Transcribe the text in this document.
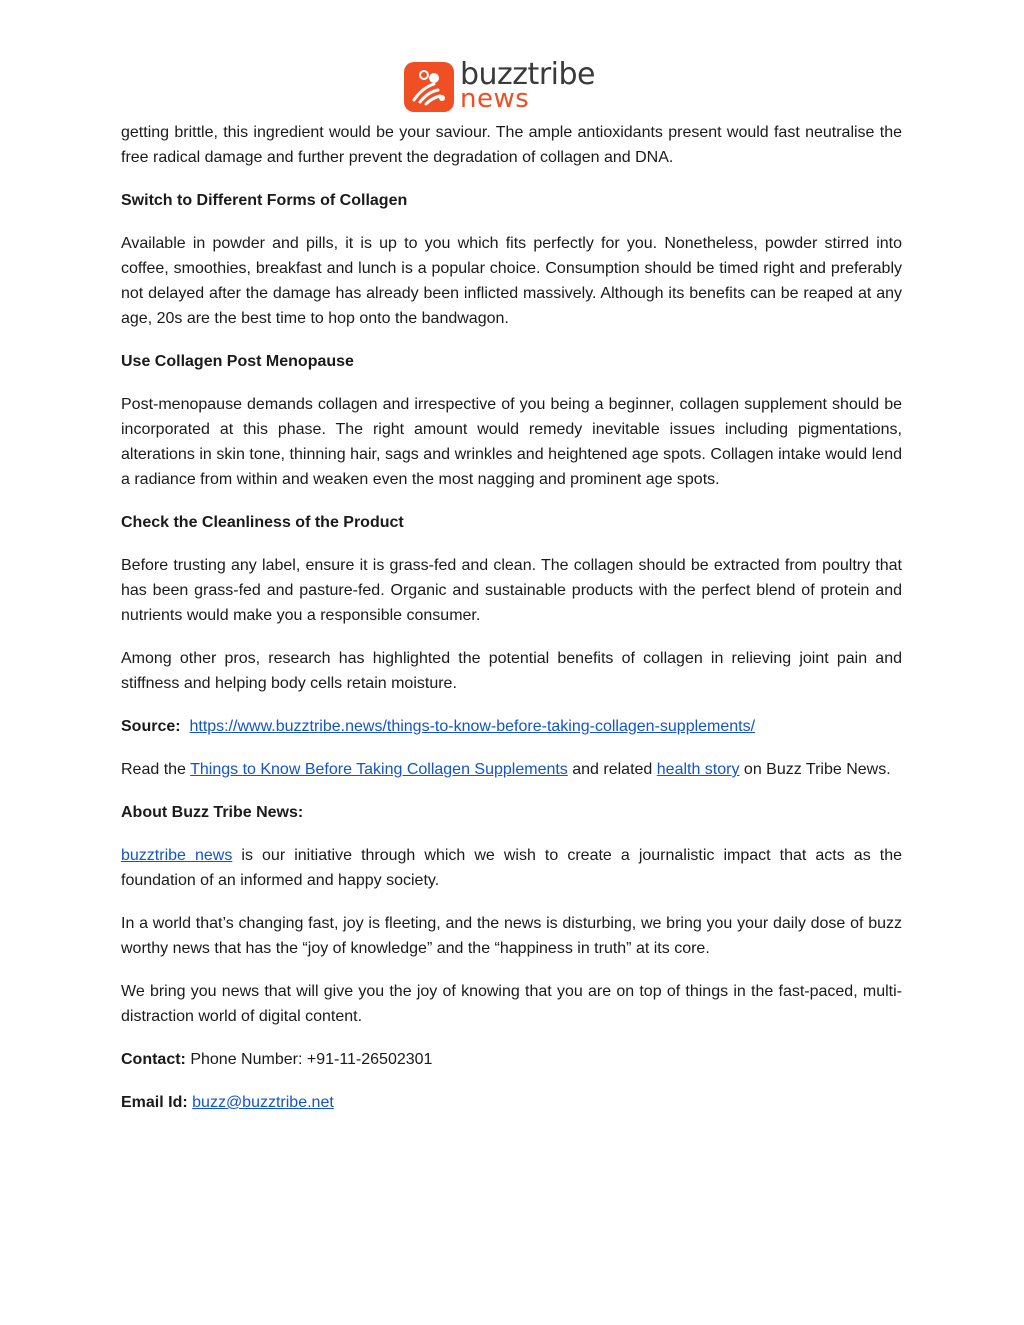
buzztribe
news

getting brittle, this ingredient would be your saviour. The ample antioxidants present would fast neutralise the free radical damage and further prevent the degradation of collagen and DNA.

Switch to Different Forms of Collagen

Available in powder and pills, it is up to you which fits perfectly for you. Nonetheless, powder stirred into coffee, smoothies, breakfast and lunch is a popular choice. Consumption should be timed right and preferably not delayed after the damage has already been inflicted massively. Although its benefits can be reaped at any age, 20s are the best time to hop onto the bandwagon.

Use Collagen Post Menopause

Post-menopause demands collagen and irrespective of you being a beginner, collagen supplement should be incorporated at this phase. The right amount would remedy inevitable issues including pigmentations, alterations in skin tone, thinning hair, sags and wrinkles and heightened age spots. Collagen intake would lend a radiance from within and weaken even the most nagging and prominent age spots.

Check the Cleanliness of the Product

Before trusting any label, ensure it is grass-fed and clean. The collagen should be extracted from poultry that has been grass-fed and pasture-fed. Organic and sustainable products with the perfect blend of protein and nutrients would make you a responsible consumer.

Among other pros, research has highlighted the potential benefits of collagen in relieving joint pain and stiffness and helping body cells retain moisture.

Source: https://www.buzztribe.news/things-to-know-before-taking-collagen-supplements/

Read the Things to Know Before Taking Collagen Supplements and related health story on Buzz Tribe News.

About Buzz Tribe News:

buzztribe news is our initiative through which we wish to create a journalistic impact that acts as the foundation of an informed and happy society.

In a world that’s changing fast, joy is fleeting, and the news is disturbing, we bring you your daily dose of buzz worthy news that has the “joy of knowledge” and the “happiness in truth” at its core.

We bring you news that will give you the joy of knowing that you are on top of things in the fast-paced, multi-distraction world of digital content.

Contact: Phone Number: +91-11-26502301

Email Id: buzz@buzztribe.net
